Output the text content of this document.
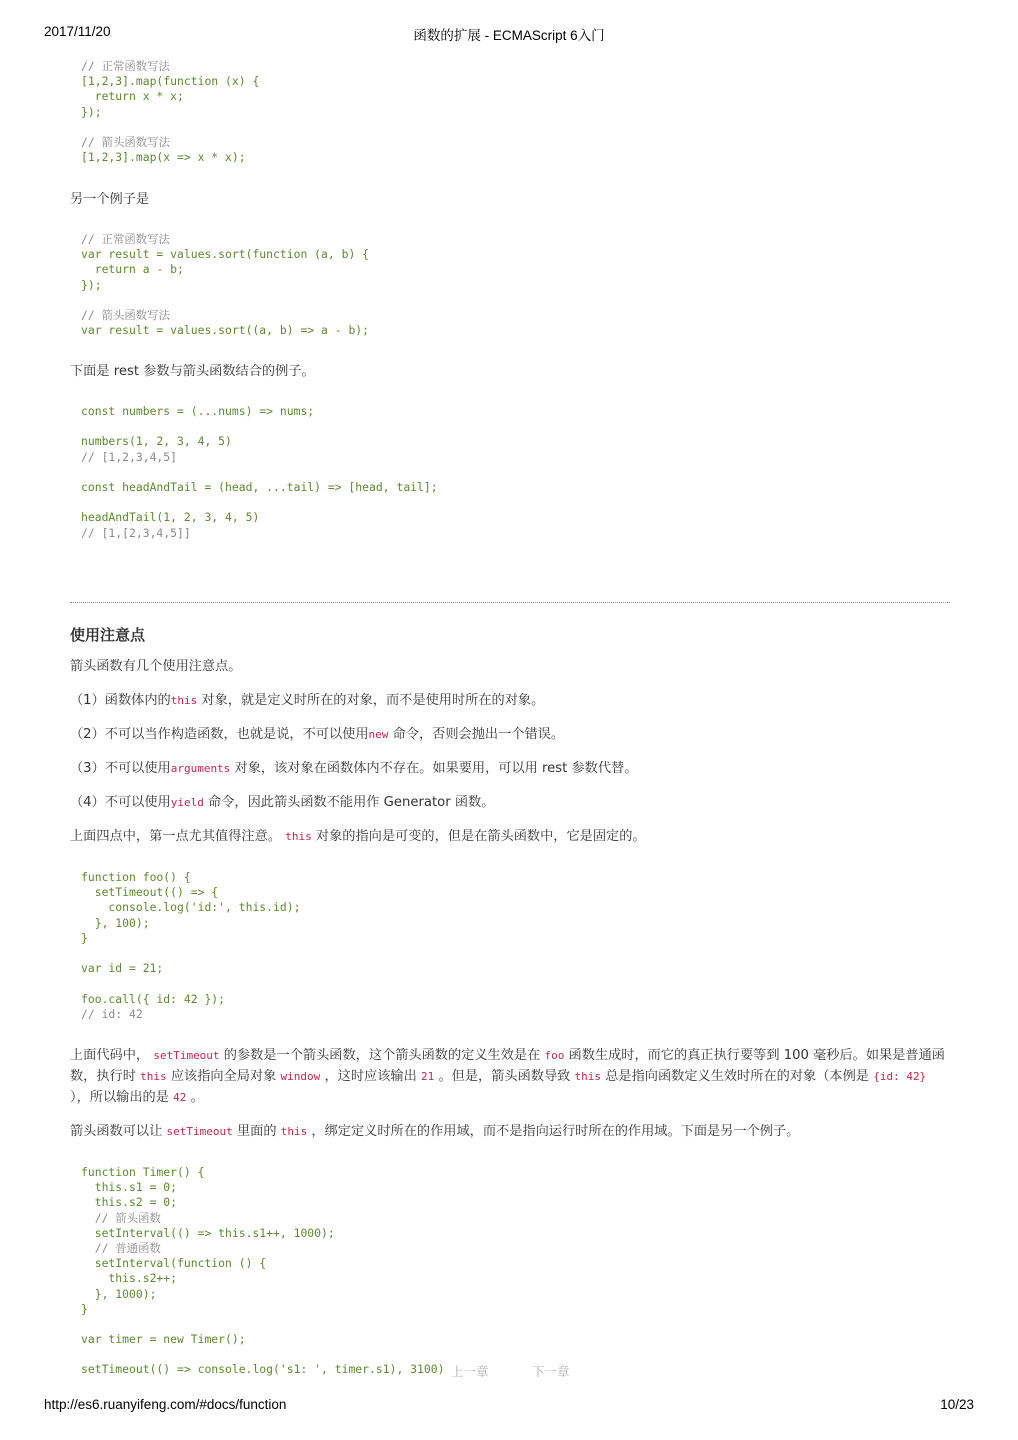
2017/11/20	函数的扩展 - ECMAScript 6入门
// 正常函数写法
[1,2,3].map(function (x) {
return x * x;
});
// 箭头函数写法
[1,2,3].map(x => x * x);

另一个例子是

// 正常函数写法
var result = values.sort(function (a, b) {
return a - b;
});
// 箭头函数写法
var result = values.sort((a, b) => a - b);

下面是 rest 参数与箭头函数结合的例子。

const numbers = (...nums) => nums;
numbers(1, 2, 3, 4, 5)
// [1,2,3,4,5]
const headAndTail = (head, ...tail) => [head, tail];
headAndTail(1, 2, 3, 4, 5)
// [1,[2,3,4,5]]
使用注意点

箭头函数有几个使用注意点。

（1）函数体内的this 对象，就是定义时所在的对象，而不是使用时所在的对象。

（2）不可以当作构造函数，也就是说，不可以使用new 命令，否则会抛出一个错误。

（3）不可以使用arguments 对象，该对象在函数体内不存在。如果要用，可以用 rest 参数代替。

（4）不可以使用yield 命令，因此箭头函数不能用作 Generator 函数。

上面四点中，第一点尤其值得注意。 this 对象的指向是可变的，但是在箭头函数中，它是固定的。

function foo() {
setTimeout(() => {
console.log('id:', this.id);
}, 100);
}
var id = 21;
foo.call({ id: 42 });
// id: 42

上面代码中， setTimeout 的参数是一个箭头函数，这个箭头函数的定义生效是在 foo 函数生成时，而它的真正执行要等到 100 毫秒后。如果是普通函数，执行时 this 应该指向全局对象 window ，这时应该输出 21 。但是，箭头函数导致 this 总是指向函数定义生效时所在的对象（本例是 {id: 42} ），所以输出的是 42 。

箭头函数可以让 setTimeout 里面的 this ，绑定定义时所在的作用域，而不是指向运行时所在的作用域。下面是另一个例子。

function Timer() {
this.s1 = 0;
this.s2 = 0;
// 箭头函数
setInterval(() => this.s1++, 1000);
// 普通函数
setInterval(function () {
this.s2++;
}, 1000);
}
var timer = new Timer();
setTimeout(() => console.log('s1: ', timer.s1), 3100) 上一章	下一章
http://es6.ruanyifeng.com/#docs/function	10/23
